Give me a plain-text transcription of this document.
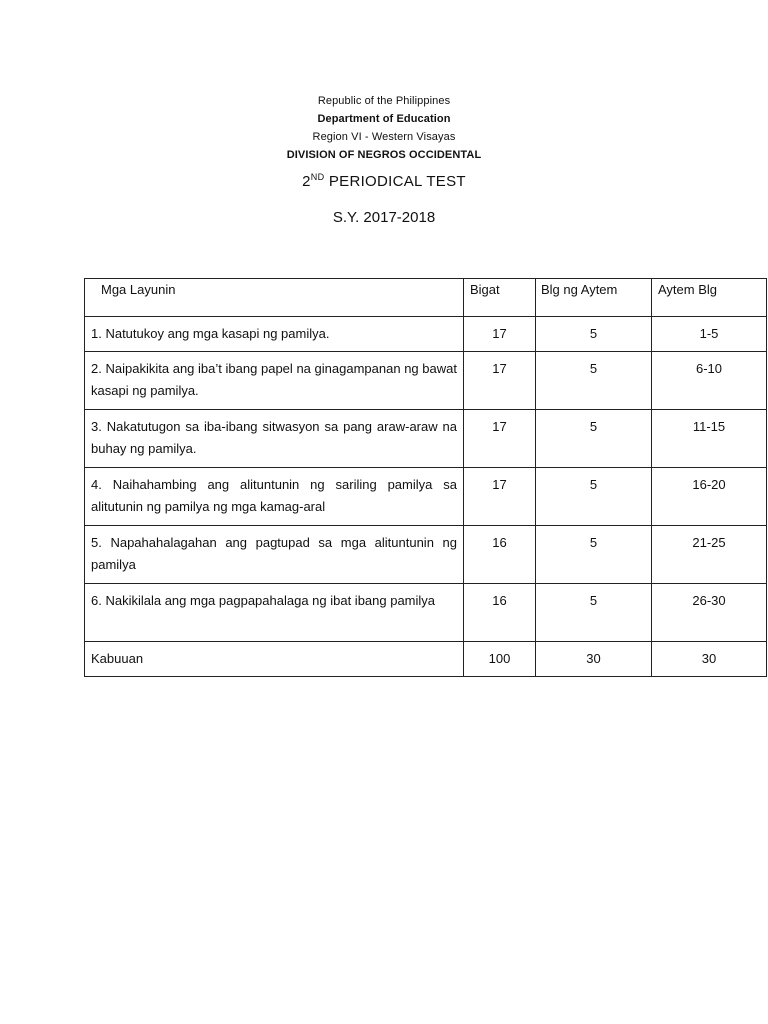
Republic of the Philippines
Department of Education
Region VI - Western Visayas
DIVISION OF NEGROS OCCIDENTAL
2ND PERIODICAL TEST
S.Y. 2017-2018
Mga Layunin	Bigat	Blg ng Aytem	Aytem Blg
1. Natutukoy ang mga kasapi ng pamilya.	17	5	1-5
2. Naipakikita ang iba’t ibang papel na ginagampanan ng bawat kasapi ng pamilya.	17	5	6-10
3. Nakatutugon sa iba-ibang sitwasyon sa pang araw-araw na buhay ng pamilya.	17	5	11-15
4. Naihahambing ang alituntunin ng sariling pamilya sa alitutunin ng pamilya ng mga kamag-aral	17	5	16-20
5. Napahahalagahan ang pagtupad sa mga alituntunin ng pamilya	16	5	21-25
6. Nakikilala ang mga pagpapahalaga ng ibat ibang pamilya	16	5	26-30
Kabuuan	100	30	30
